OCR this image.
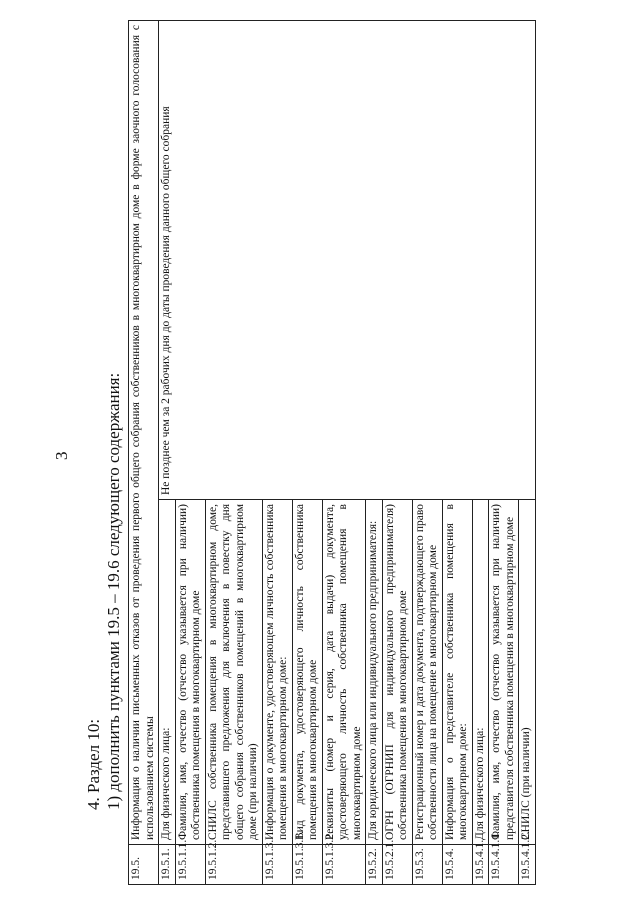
3
4. Раздел 10: 1) дополнить пунктами 19.5 – 19.6 следующего содержания:
19.5.	Информация о наличии письменных отказов от проведения первого общего собрания собственников в многоквартирном доме в форме заочного голосования с использованием системы	
19.5.1.	Для физического лица:	Не позднее чем за 2 рабочих дня до даты проведения данного общего собрания
19.5.1.1.	Фамилия, имя, отчество (отчество указывается при наличии) собственника помещения в многоквартирном доме	
19.5.1.2.	СНИЛС собственника помещения в многоквартирном доме, представившего предложения для включения в повестку дня общего собрания собственников помещений в многоквартирном доме (при наличии)	
19.5.1.3.	Информация о документе, удостоверяющем личность собственника помещения в многоквартирном доме:	
19.5.1.3.1.	Вид документа, удостоверяющего личность собственника помещения в многоквартирном доме	
19.5.1.3.2.	Реквизиты (номер и серия, дата выдачи) документа, удостоверяющего личность собственника помещения в многоквартирном доме	
19.5.2.	Для юридического лица или индивидуального предпринимателя:	
19.5.2.1.	ОГРН (ОГРНИП для индивидуального предпринимателя) собственника помещения в многоквартирном доме	
19.5.3.	Регистрационный номер и дата документа, подтверждающего право собственности лица на помещение в многоквартирном доме	
19.5.4.	Информация о представителе собственника помещения в многоквартирном доме:	
19.5.4.1.	Для физического лица:	
19.5.4.1.1.	Фамилия, имя, отчество (отчество указывается при наличии) представителя собственника помещения в многоквартирном доме	
19.5.4.1.2.	СНИЛС (при наличии)	
